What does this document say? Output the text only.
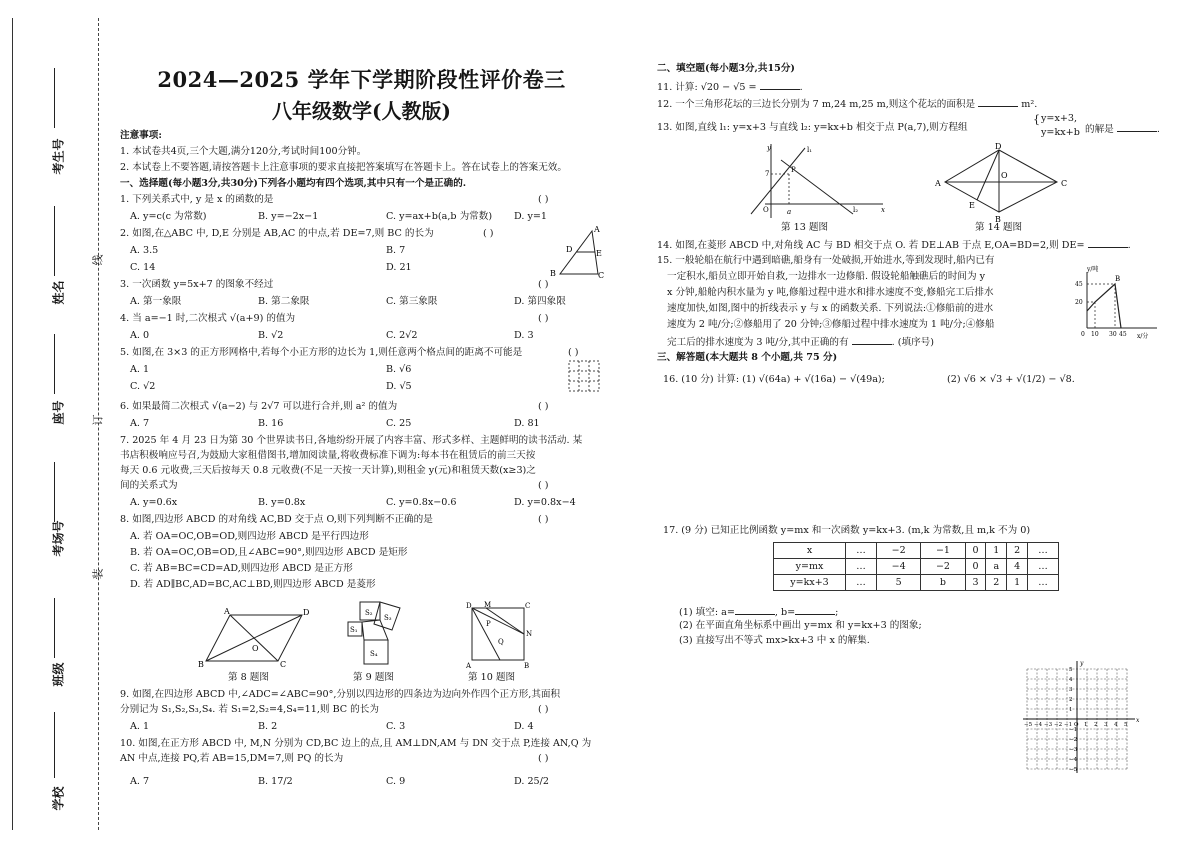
考生号
姓名
座号
考场号
班级
学校
线
订
装
2024—2025 学年下学期阶段性评价卷三
八年级数学(人教版)
注意事项:
1. 本试卷共4页,三个大题,满分120分,考试时间100分钟。
2. 本试卷上不要答题,请按答题卡上注意事项的要求直接把答案填写在答题卡上。答在试卷上的答案无效。
一、选择题(每小题3分,共30分)下列各小题均有四个选项,其中只有一个是正确的.
1. 下列关系式中, y 是 x 的函数的是	( )
A. y=c(c 为常数)	B. y=−2x−1	C. y=ax+b(a,b 为常数) D. y=1
2. 如图,在△ABC 中, D,E 分别是 AB,AC 的中点,若 DE=7,则 BC 的长为	( )
A. 3.5	B. 7
C. 14	D. 21
A
B	C
D	E
3. 一次函数 y=5x+7 的图象不经过	( )
A. 第一象限	B. 第二象限	C. 第三象限	D. 第四象限
4. 当 a=−1 时,二次根式 √(a+9) 的值为	( )
A. 0	B. √2	C. 2√2	D. 3
5. 如图,在 3×3 的正方形网格中,若每个小正方形的边长为 1,则任意两个格点间的距离不可能是	( )
A. 1	B. √6
C. √2	D. √5
6. 如果最简二次根式 √(a−2) 与 2√7 可以进行合并,则 a² 的值为	( )
A. 7	B. 16	C. 25	D. 81
7. 2025 年 4 月 23 日为第 30 个世界读书日,各地纷纷开展了内容丰富、形式多样、主题鲜明的读书活动. 某
书店积极响应号召,为鼓励大家租借图书,增加阅读量,将收费标准下调为:每本书在租赁后的前三天按
每天 0.6 元收费,三天后按每天 0.8 元收费(不足一天按一天计算),则租金 y(元)和租赁天数(x≥3)之
间的关系式为	( )
A. y=0.6x	B. y=0.8x	C. y=0.8x−0.6	D. y=0.8x−4
8. 如图,四边形 ABCD 的对角线 AC,BD 交于点 O,则下列判断不正确的是	( )
A. 若 OA=OC,OB=OD,则四边形 ABCD 是平行四边形
B. 若 OA=OC,OB=OD,且∠ABC=90°,则四边形 ABCD 是矩形
C. 若 AB=BC=CD=AD,则四边形 ABCD 是正方形
D. 若 AD∥BC,AD=BC,AC⊥BD,则四边形 ABCD 是菱形
A	D
B	C
O
第 8 题图
S₂
S₃
S₁
S₄
第 9 题图
D M	C
N
A	B
P
Q
第 10 题图
9. 如图,在四边形 ABCD 中,∠ADC=∠ABC=90°,分别以四边形的四条边为边向外作四个正方形,其面积
分别记为 S₁,S₂,S₃,S₄. 若 S₁=2,S₂=4,S₄=11,则 BC 的长为	( )
A. 1	B. 2	C. 3	D. 4
10. 如图,在正方形 ABCD 中, M,N 分别为 CD,BC 边上的点,且 AM⊥DN,AM 与 DN 交于点 P,连接 AN,Q 为
AN 中点,连接 PQ,若 AB=15,DM=7,则 PQ 的长为	( )
A. 7	B. 17/2	C. 9	D. 25/2
二、填空题(每小题3分,共15分)
11. 计算: √20 − √5 =	.
12. 一个三角形花坛的三边长分别为 7 m,24 m,25 m,则这个花坛的面积是	m².
13. 如图,直线 l₁: y=x+3 与直线 l₂: y=kx+b 相交于点 P(a,7),则方程组
{ y=x+3,
y=kx+b 的解是	.
y
x
O
7
a
P
l₁
l₂
第 13 题图
D
C
A
B
O
E
第 14 题图
14. 如图,在菱形 ABCD 中,对角线 AC 与 BD 相交于点 O. 若 DE⊥AB 于点 E,OA=BD=2,则 DE=	.
15. 一般轮船在航行中遇到暗礁,船身有一处破损,开始进水,等到发现时,船内已有
一定积水,船员立即开始自救,一边排水一边修船. 假设轮船触礁后的时间为 y
x 分钟,船舱内积水量为 y 吨,修船过程中进水和排水速度不变,修船完工后排水
速度加快,如图,图中的折线表示 y 与 x 的函数关系. 下列说法:①修船前的进水
速度为 2 吨/分;②修船用了 20 分钟;③修船过程中排水速度为 1 吨/分;④修船
完工后的排水速度为 3 吨/分,其中正确的有	. (填序号)
y/吨
x/分
45
20
0 10 30 45
B
三、解答题(本大题共 8 个小题,共 75 分)
16. (10 分) 计算: (1) √(64a) + √(16a) − √(49a);	(2) √6 × √3 + √(1/2) − √8.
17. (9 分) 已知正比例函数 y=mx 和一次函数 y=kx+3. (m,k 为常数,且 m,k 不为 0)
x	…	−2	−1	0	1	2	…
y=mx	…	−4	−2	0	a	4	…
y=kx+3	…	5	b	3	2	1	…
(1) 填空: a=	, b=	;
(2) 在平面直角坐标系中画出 y=mx 和 y=kx+3 的图象;
(3) 直接写出不等式 mx>kx+3 中 x 的解集.
x
y
−5 −4 −3 −2 −1 O 1 2 3 4 5
5
4
3
2
1
−1
−2
−3
−4
−5
